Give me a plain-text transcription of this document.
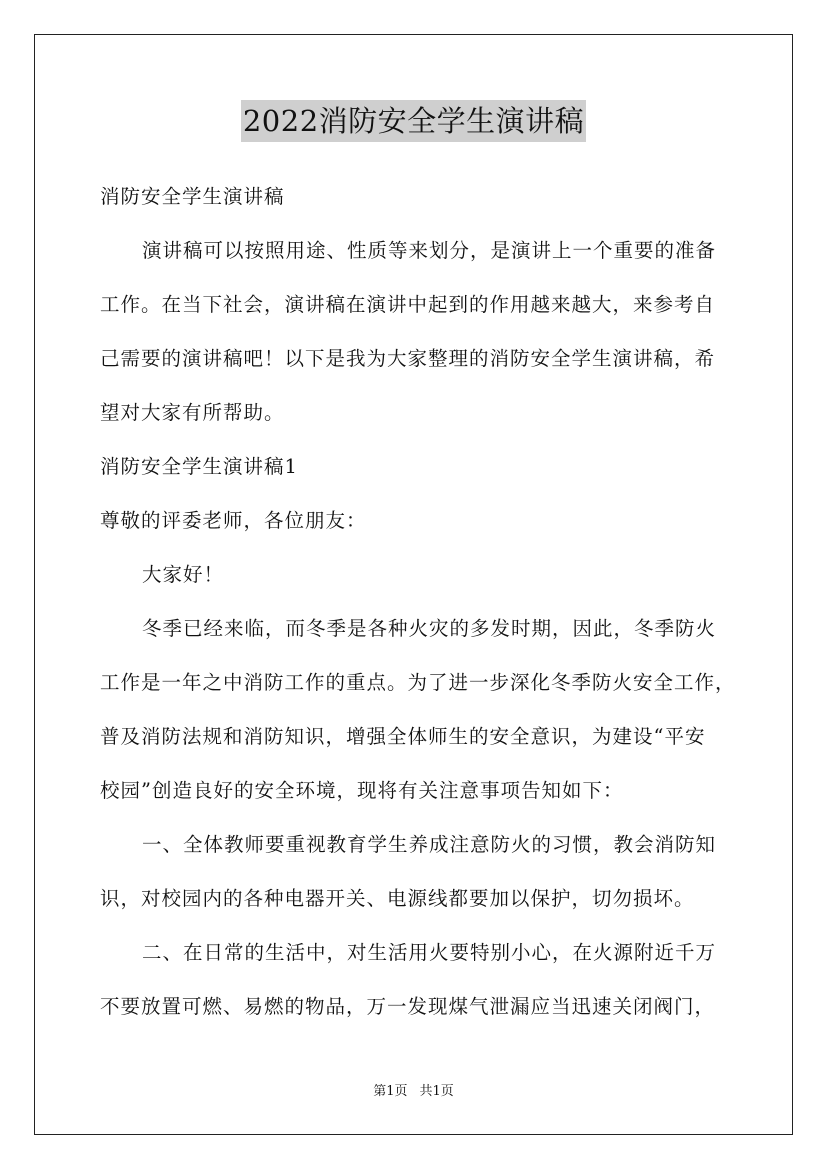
2022消防安全学生演讲稿
消防安全学生演讲稿
演讲稿可以按照用途、性质等来划分，是演讲上一个重要的准备
工作。在当下社会，演讲稿在演讲中起到的作用越来越大，来参考自
己需要的演讲稿吧！以下是我为大家整理的消防安全学生演讲稿，希
望对大家有所帮助。
消防安全学生演讲稿1
尊敬的评委老师，各位朋友：
大家好！
冬季已经来临，而冬季是各种火灾的多发时期，因此，冬季防火
工作是一年之中消防工作的重点。为了进一步深化冬季防火安全工作，
普及消防法规和消防知识，增强全体师生的安全意识，为建设“平安
校园”创造良好的安全环境，现将有关注意事项告知如下：
一、全体教师要重视教育学生养成注意防火的习惯，教会消防知
识，对校园内的各种电器开关、电源线都要加以保护，切勿损坏。
二、在日常的生活中，对生活用火要特别小心，在火源附近千万
不要放置可燃、易燃的物品，万一发现煤气泄漏应当迅速关闭阀门，
第1页 共1页
